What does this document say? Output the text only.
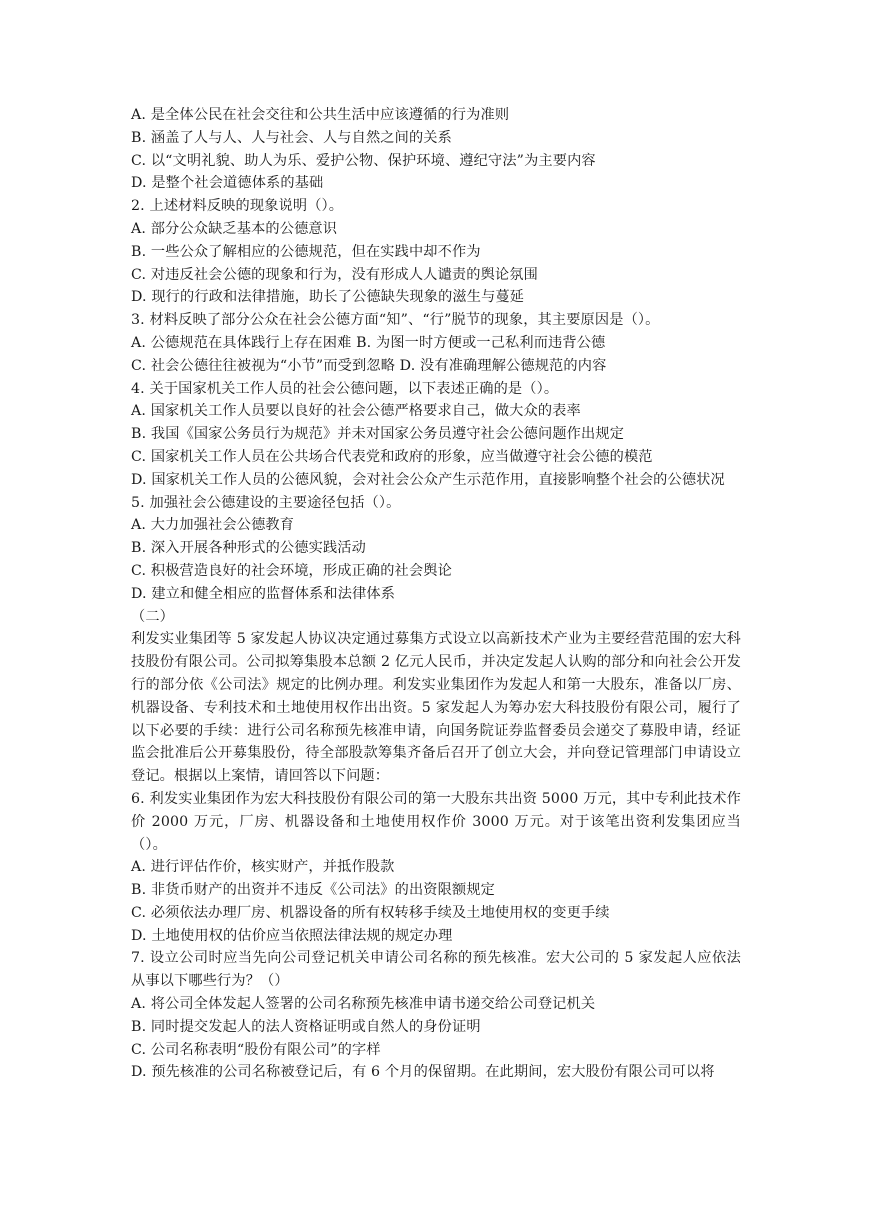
A. 是全体公民在社会交往和公共生活中应该遵循的行为准则
B. 涵盖了人与人、人与社会、人与自然之间的关系
C. 以“文明礼貌、助人为乐、爱护公物、保护环境、遵纪守法”为主要内容
D. 是整个社会道德体系的基础
2. 上述材料反映的现象说明（）。
A. 部分公众缺乏基本的公德意识
B. 一些公众了解相应的公德规范，但在实践中却不作为
C. 对违反社会公德的现象和行为，没有形成人人谴责的舆论氛围
D. 现行的行政和法律措施，助长了公德缺失现象的滋生与蔓延
3. 材料反映了部分公众在社会公德方面“知”、“行”脱节的现象，其主要原因是（）。
A. 公德规范在具体践行上存在困难 B. 为图一时方便或一己私利而违背公德
C. 社会公德往往被视为“小节”而受到忽略 D. 没有准确理解公德规范的内容
4. 关于国家机关工作人员的社会公德问题，以下表述正确的是（）。
A. 国家机关工作人员要以良好的社会公德严格要求自己，做大众的表率
B. 我国《国家公务员行为规范》并未对国家公务员遵守社会公德问题作出规定
C. 国家机关工作人员在公共场合代表党和政府的形象，应当做遵守社会公德的模范
D. 国家机关工作人员的公德风貌，会对社会公众产生示范作用，直接影响整个社会的公德状况
5. 加强社会公德建设的主要途径包括（）。
A. 大力加强社会公德教育
B. 深入开展各种形式的公德实践活动
C. 积极营造良好的社会环境，形成正确的社会舆论
D. 建立和健全相应的监督体系和法律体系
（二）
利发实业集团等 5 家发起人协议决定通过募集方式设立以高新技术产业为主要经营范围的宏大科技股份有限公司。公司拟筹集股本总额 2 亿元人民币，并决定发起人认购的部分和向社会公开发行的部分依《公司法》规定的比例办理。利发实业集团作为发起人和第一大股东，准备以厂房、机器设备、专利技术和土地使用权作出出资。5 家发起人为筹办宏大科技股份有限公司，履行了以下必要的手续：进行公司名称预先核准申请，向国务院证券监督委员会递交了募股申请，经证监会批准后公开募集股份，待全部股款筹集齐备后召开了创立大会，并向登记管理部门申请设立登记。根据以上案情，请回答以下问题：
6. 利发实业集团作为宏大科技股份有限公司的第一大股东共出资 5000 万元，其中专利此技术作价 2000 万元，厂房、机器设备和土地使用权作价 3000 万元。对于该笔出资利发集团应当（）。
A. 进行评估作价，核实财产，并抵作股款
B. 非货币财产的出资并不违反《公司法》的出资限额规定
C. 必须依法办理厂房、机器设备的所有权转移手续及土地使用权的变更手续
D. 土地使用权的估价应当依照法律法规的规定办理
7. 设立公司时应当先向公司登记机关申请公司名称的预先核准。宏大公司的 5 家发起人应依法从事以下哪些行为？（）
A. 将公司全体发起人签署的公司名称预先核准申请书递交给公司登记机关
B. 同时提交发起人的法人资格证明或自然人的身份证明
C. 公司名称表明“股份有限公司”的字样
D. 预先核准的公司名称被登记后，有 6 个月的保留期。在此期间，宏大股份有限公司可以将
